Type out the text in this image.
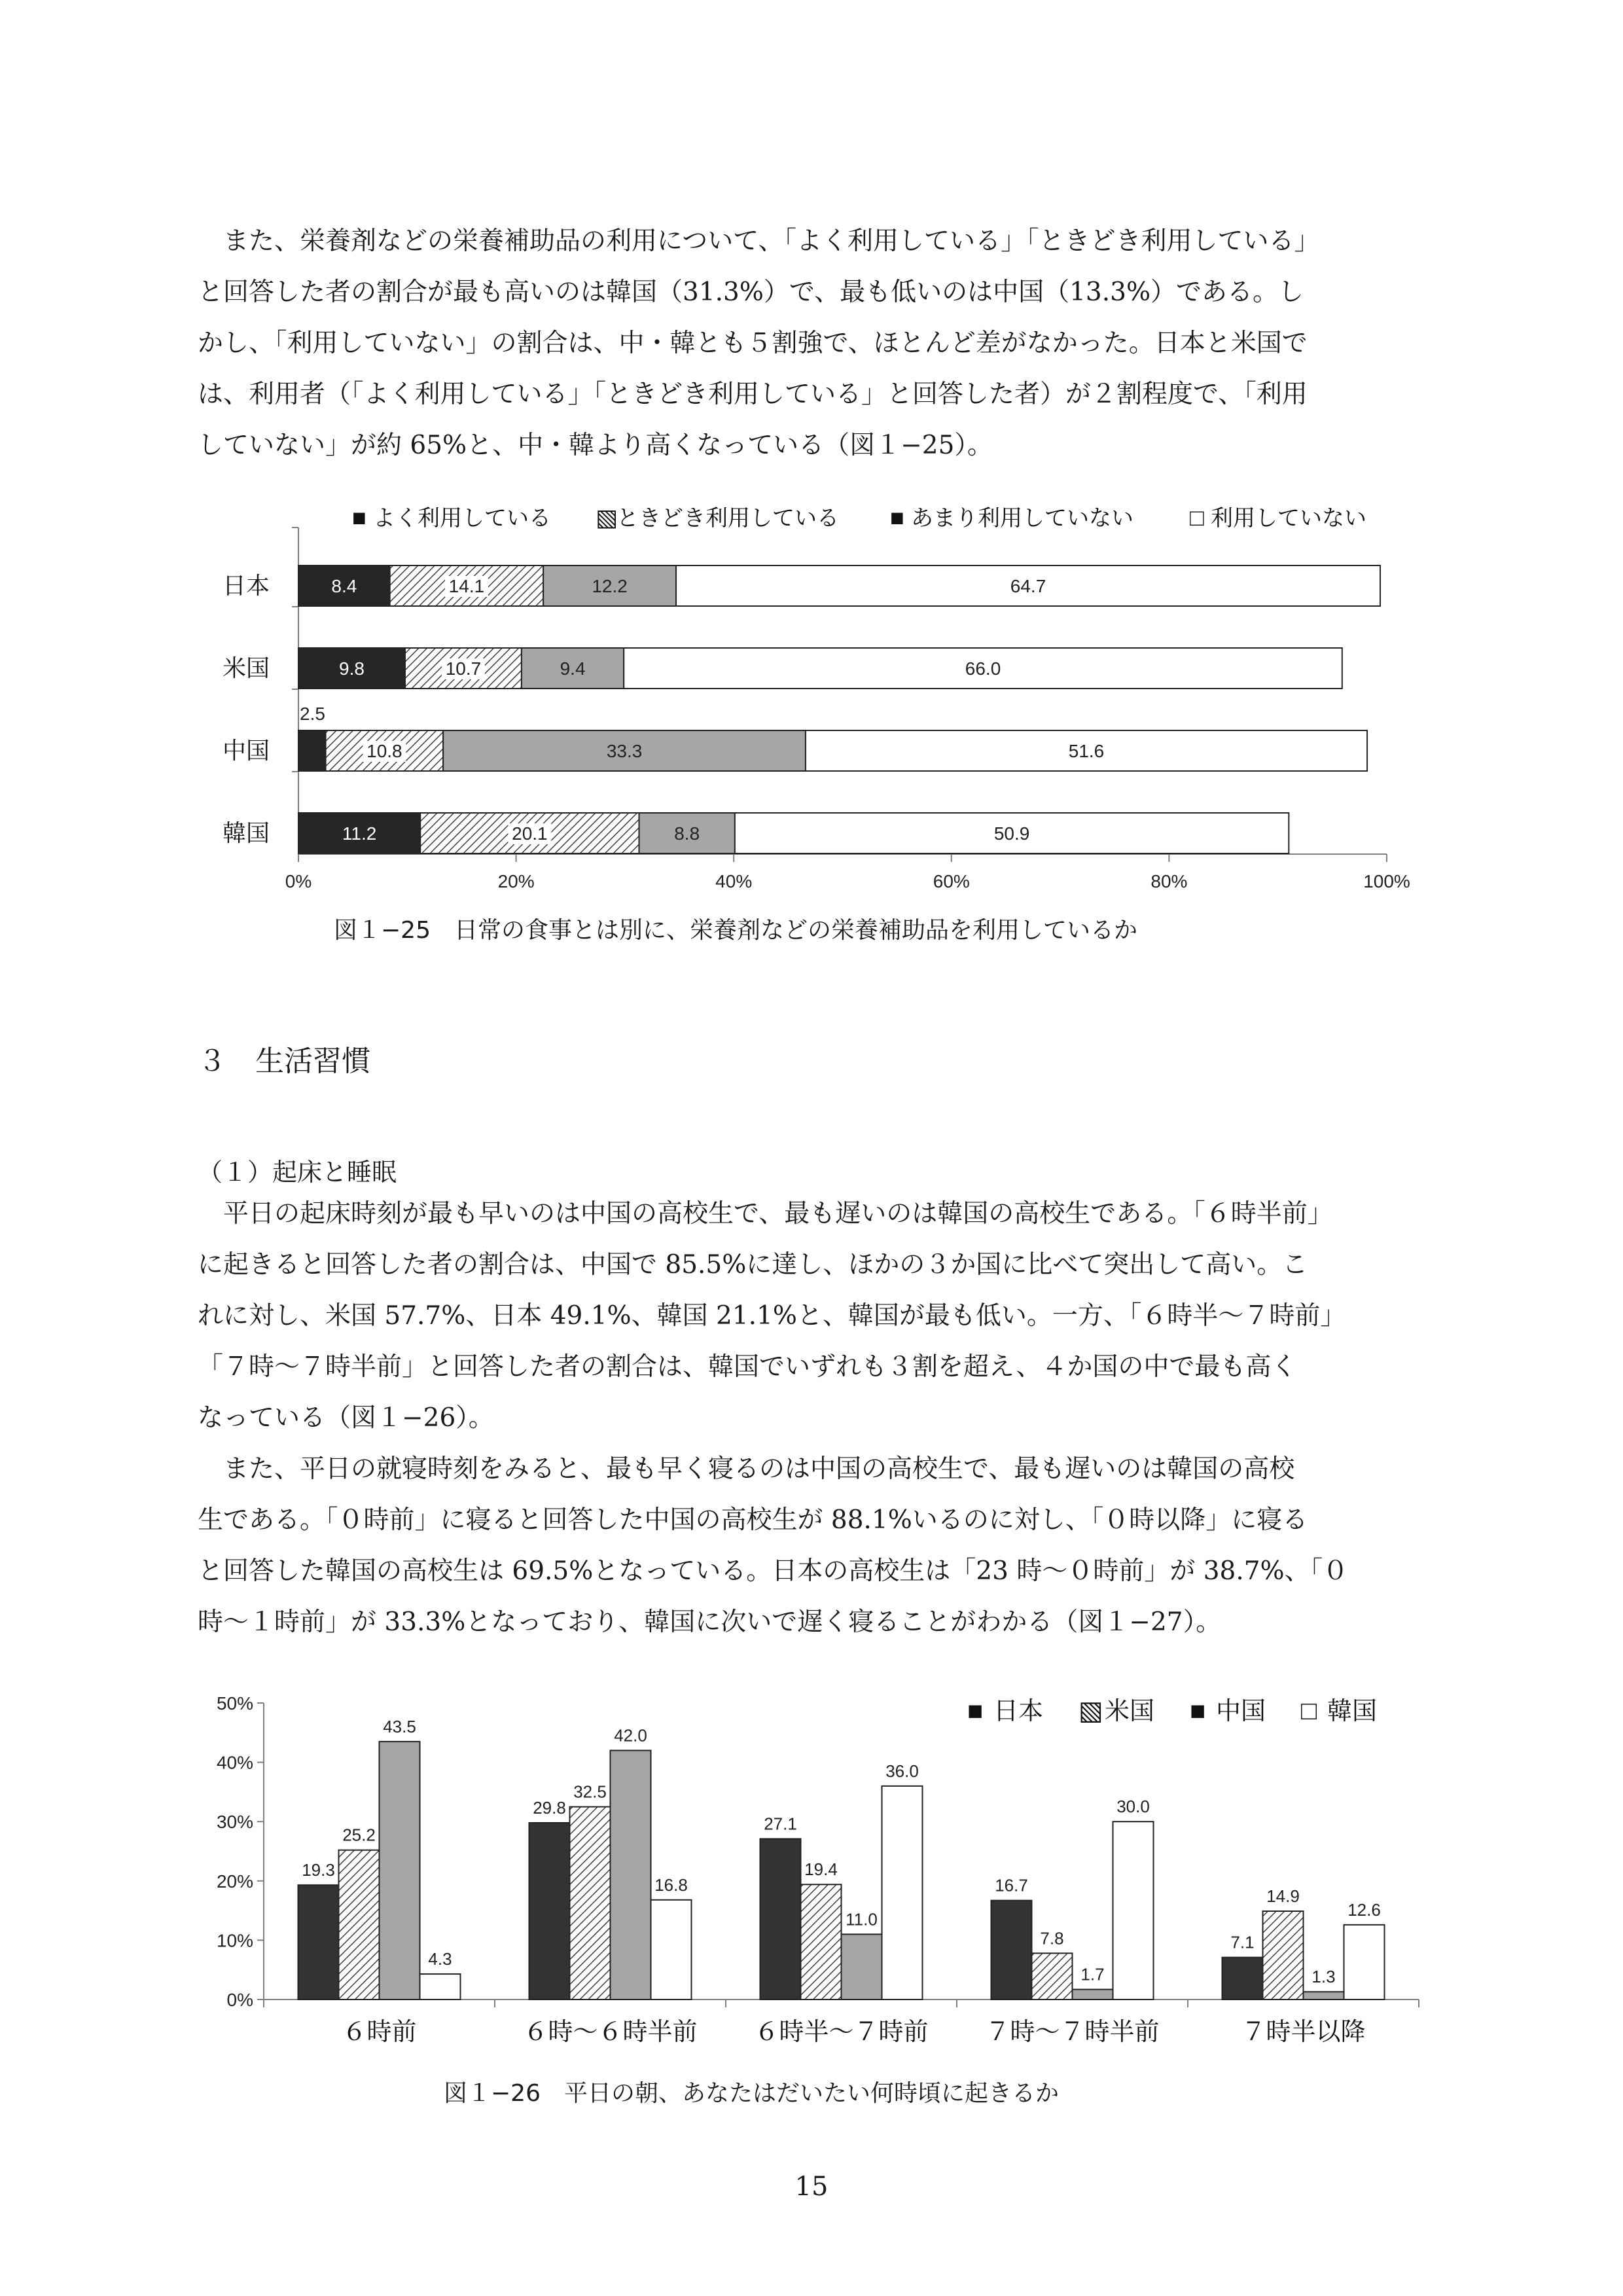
　また、栄養剤などの栄養補助品の利用について、「よく利用している」「ときどき利用している」

と回答した者の割合が最も高いのは韓国（31.3%）で、最も低いのは中国（13.3%）である。し

かし、「利用していない」の割合は、中・韓とも５割強で、ほとんど差がなかった。日本と米国で

は、利用者（「よく利用している」「ときどき利用している」と回答した者）が２割程度で、「利用

していない」が約 65%と、中・韓より高くなっている（図１−25）。

■ よく利用している ▧
ときどき利用している ■ あまり利用していない □ 利用していない
0%	20%	40%	60%	80%	100%
日本
米国
中国
韓国
8.4	14.1	12.2	64.7
9.8	10.7	9.4	66.0
2.5
10.8	33.3	51.6
11.2	20.1	8.8	50.9
図１−25　日常の食事とは別に、栄養剤などの栄養補助品を利用しているか
３　生活習慣
（１）起床と睡眠

　平日の起床時刻が最も早いのは中国の高校生で、最も遅いのは韓国の高校生である。「６時半前」

に起きると回答した者の割合は、中国で 85.5%に達し、ほかの３か国に比べて突出して高い。こ

れに対し、米国 57.7%、日本 49.1%、韓国 21.1%と、韓国が最も低い。一方、「６時半〜７時前」

「７時〜７時半前」と回答した者の割合は、韓国でいずれも３割を超え、４か国の中で最も高く

なっている（図１−26）。

　また、平日の就寝時刻をみると、最も早く寝るのは中国の高校生で、最も遅いのは韓国の高校

生である。「０時前」に寝ると回答した中国の高校生が 88.1%いるのに対し、「０時以降」に寝る

と回答した韓国の高校生は 69.5%となっている。日本の高校生は「23 時〜０時前」が 38.7%、「０

時〜１時前」が 33.3%となっており、韓国に次いで遅く寝ることがわかる（図１−27）。

0%
10%
20%
30%
40%
50%
６時前	６時〜６時半前 ６時半〜７時前 ７時〜７時半前	７時半以降
19.3
25.2
43.5
4.3
29.8
32.5
42.0
16.8
27.1
19.4
11.0
36.0
16.7
7.8
1.7
30.0
7.1
14.9
1.3
12.6
■ 日本 ▧ 米国 ■ 中国 □ 韓国
図１−26　平日の朝、あなたはだいたい何時頃に起きるか
15
